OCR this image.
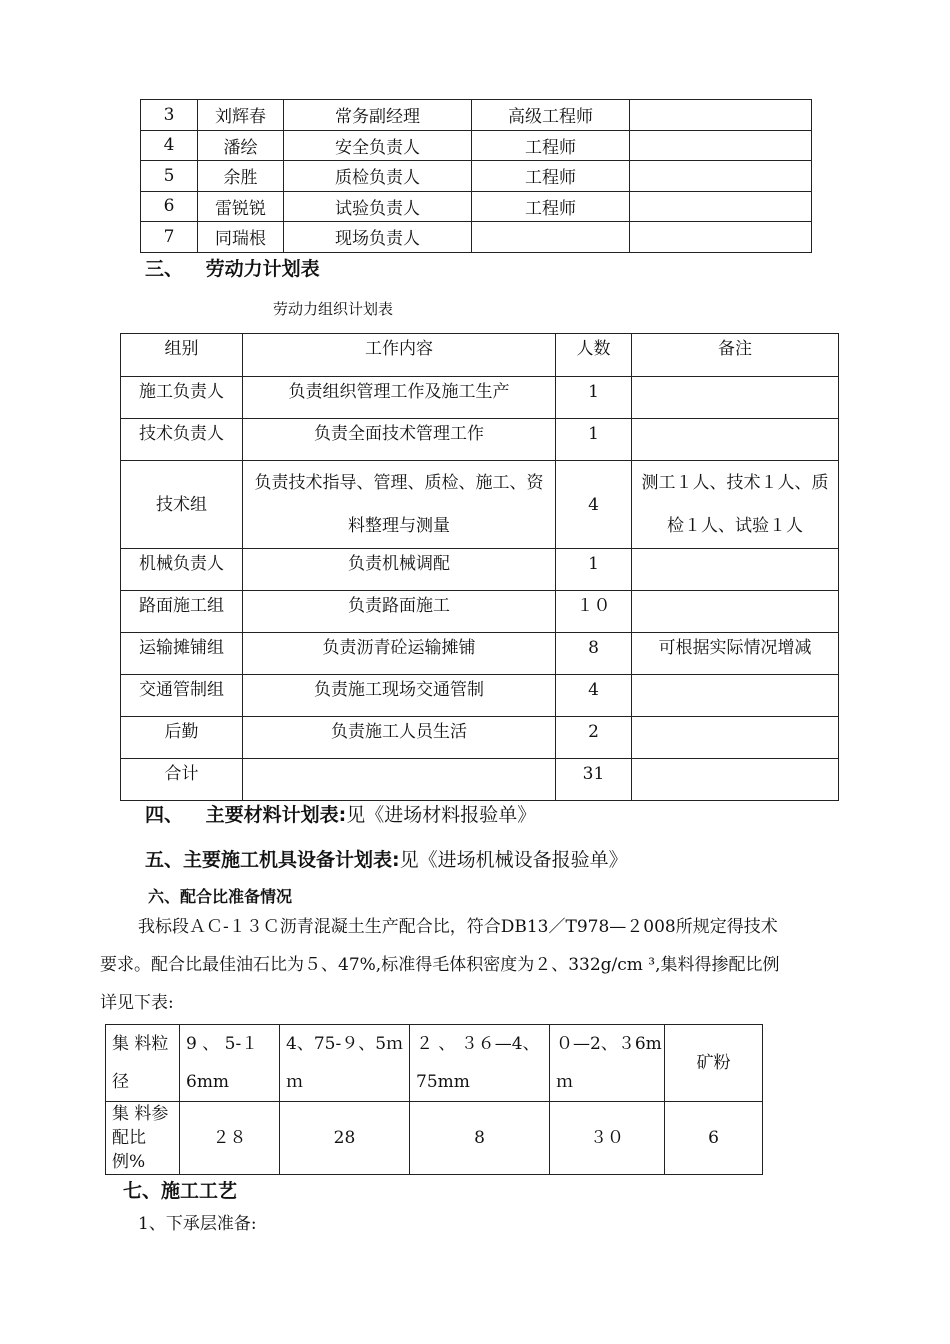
3	刘辉春	常务副经理	高级工程师	
4	潘绘	安全负责人	工程师	
5	余胜	质检负责人	工程师	
6	雷锐锐	试验负责人	工程师	
7	同瑞根	现场负责人		
三、 劳动力计划表
劳动力组织计划表
组别	工作内容	人数	备注
施工负责人	负责组织管理工作及施工生产	1	
技术负责人	负责全面技术管理工作	1	
技术组	负责技术指导、管理、质检、施工、资料整理与测量	4	测工１人、技术１人、质检１人、试验１人
机械负责人	负责机械调配	1	
路面施工组	负责路面施工	１０	
运输摊铺组	负责沥青砼运输摊铺	8	可根据实际情况增减
交通管制组	负责施工现场交通管制	4	
后勤	负责施工人员生活	2	
合计		31	
四、 主要材料计划表:见《进场材料报验单》
五、主要施工机具设备计划表:见《进场机械设备报验单》
六、配合比准备情况
我标段ＡＣ-１３Ｃ沥青混凝土生产配合比，符合DB13／T978—２008所规定得技术
要求。配合比最佳油石比为５、47%,标准得毛体积密度为２、332g/cm ³,集料得掺配比例
详见下表:
集 料粒径	9 、 5-１6mm	4、75-９、5ｍｍ	２ 、 ３６—4、75mm	０—2、３6mｍ	矿粉
集 料参 配比例%	２８	28	8	３０	6
七、施工工艺
1、下承层准备:
